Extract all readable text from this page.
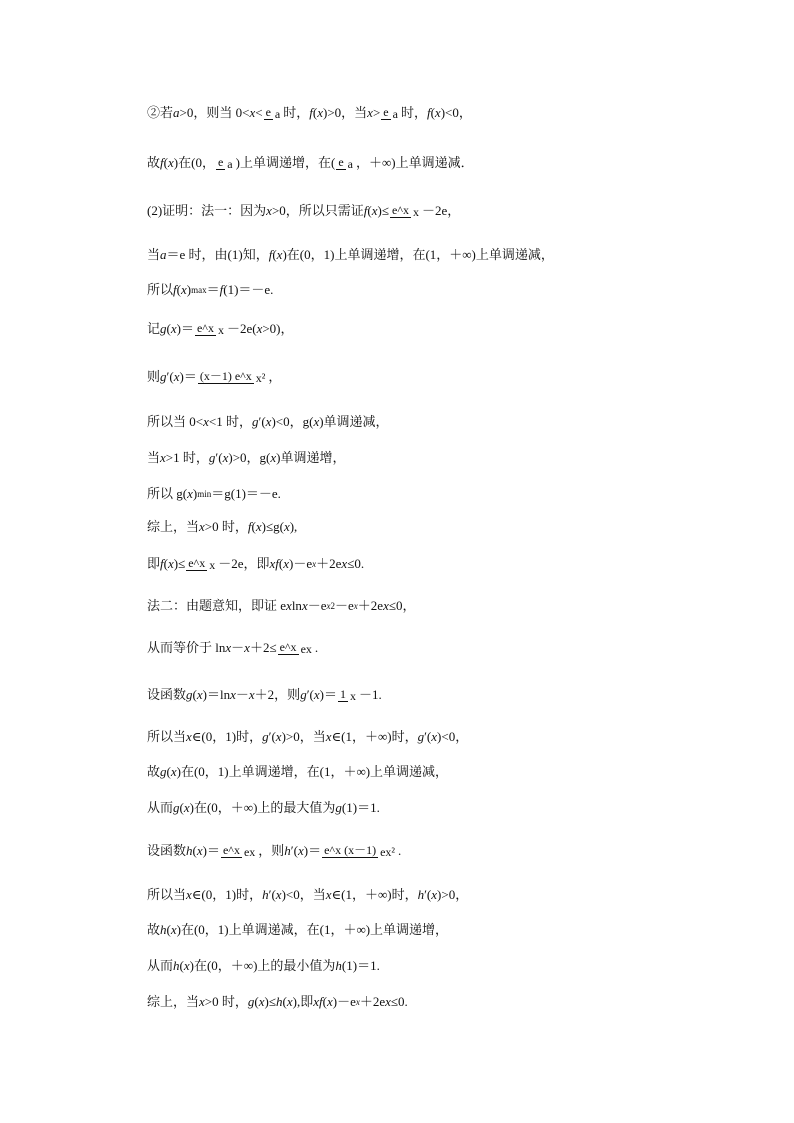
②若a>0，则当 0<x< e a 时，f(x)>0，当x> e a 时，f(x)<0，
故f(x)在(0， e a )上单调递增，在( e a ，＋∞)上单调递减．
(2)证明：法一：因为x>0，所以只需证f(x)≤ e^x x －2e，
当a＝e 时，由(1)知，f(x)在(0，1)上单调递增，在(1，＋∞)上单调递减，
所以f(x)max＝f(1)＝－e.
记g(x)＝ e^x x －2e(x>0)，
则g′(x)＝ (x－1) e^x x² ，
所以当 0<x<1 时，g′(x)<0，g(x)单调递减，
当x>1 时，g′(x)>0，g(x)单调递增，
所以 g(x)min＝g(1)＝－e.
综上，当x>0 时，f(x)≤g(x),
即f(x)≤ e^x x －2e，即xf(x)－ex＋2ex≤0.
法二：由题意知，即证 exlnx－ex2－ex＋2ex≤0，
从而等价于 lnx－x＋2≤ e^x ex .
设函数g(x)＝lnx－x＋2，则g′(x)＝ 1 x －1.
所以当x∈(0，1)时，g′(x)>0，当x∈(1，＋∞)时，g′(x)<0，
故g(x)在(0，1)上单调递增，在(1，＋∞)上单调递减，
从而g(x)在(0，＋∞)上的最大值为g(1)＝1.
设函数h(x)＝ e^x ex ，则h′(x)＝ e^x (x－1) ex² .
所以当x∈(0，1)时，h′(x)<0，当x∈(1，＋∞)时，h′(x)>0，
故h(x)在(0，1)上单调递减，在(1，＋∞)上单调递增，
从而h(x)在(0，＋∞)上的最小值为h(1)＝1.
综上，当x>0 时，g(x)≤h(x),即xf(x)－ex＋2ex≤0.
